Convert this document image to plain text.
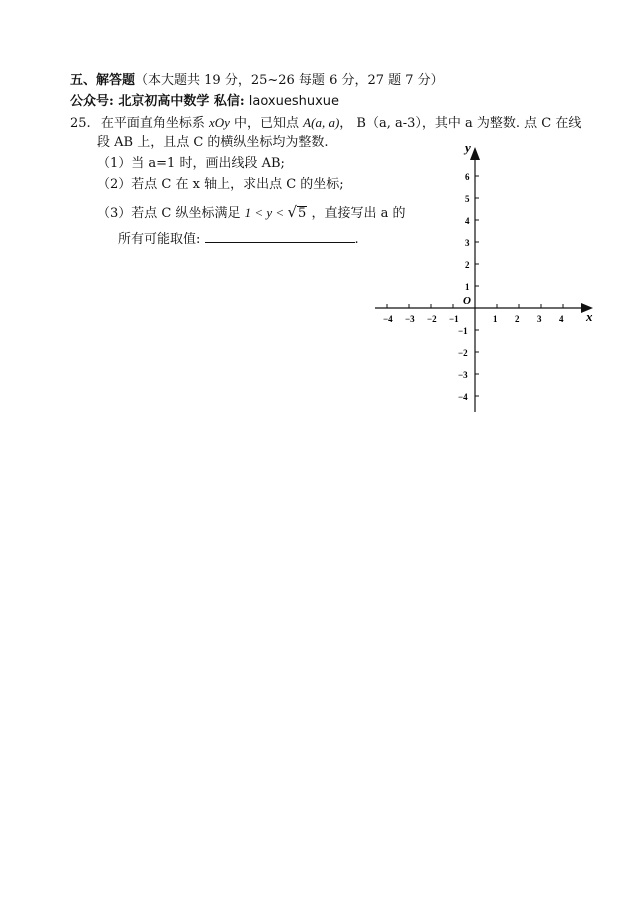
五、解答题（本大题共 19 分，25~26 每题 6 分，27 题 7 分）
公众号: 北京初高中数学 私信: laoxueshuxue
25. 在平面直角坐标系 xOy 中，已知点 A(a, a)， B（a, a-3），其中 a 为整数. 点 C 在线
段 AB 上，且点 C 的横纵坐标均为整数.
（1）当 a=1 时，画出线段 AB;
（2）若点 C 在 x 轴上，求出点 C 的坐标;
（3）若点 C 纵坐标满足 1 < y < √5 ，直接写出 a 的
所有可能取值:	.
−4 −3 −2 −1	1 2 3 4
6
5
4
3
2
1
−1
−2
−3
−4
x
y
O
